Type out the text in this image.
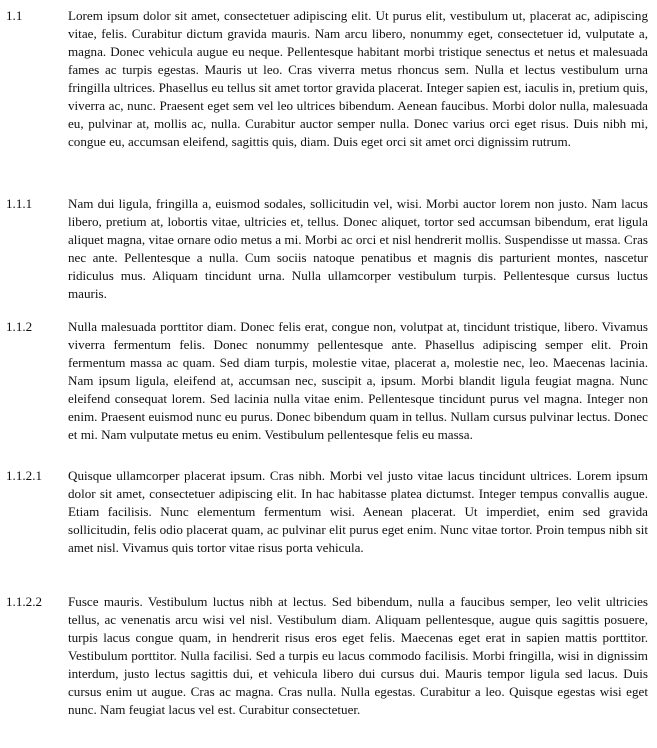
1.1	Lorem ipsum dolor sit amet, consectetuer adipiscing elit. Ut purus elit, vestibulum ut, placerat ac, adipiscing vitae, felis. Curabitur dictum gravida mauris. Nam arcu libero, nonummy eget, consectetuer id, vulputate a, magna. Donec vehicula augue eu neque. Pellentesque habitant morbi tristique senectus et netus et malesuada fames ac turpis egestas. Mauris ut leo. Cras viverra metus rhoncus sem. Nulla et lectus vestibulum urna fringilla ultrices. Phasellus eu tellus sit amet tortor gravida placerat. Integer sapien est, iaculis in, pretium quis, viverra ac, nunc. Praesent eget sem vel leo ultrices bibendum. Aenean faucibus. Morbi dolor nulla, malesuada eu, pulvinar at, mollis ac, nulla. Curabitur auctor semper nulla. Donec varius orci eget risus. Duis nibh mi, congue eu, accumsan eleifend, sagittis quis, diam. Duis eget orci sit amet orci dignissim rutrum.
1.1.1	Nam dui ligula, fringilla a, euismod sodales, sollicitudin vel, wisi. Morbi auctor lorem non justo. Nam lacus libero, pretium at, lobortis vitae, ultricies et, tellus. Donec aliquet, tortor sed accumsan bibendum, erat ligula aliquet magna, vitae ornare odio metus a mi. Morbi ac orci et nisl hendrerit mollis. Suspendisse ut massa. Cras nec ante. Pellentesque a nulla. Cum sociis natoque penatibus et magnis dis parturient montes, nascetur ridiculus mus. Aliquam tincidunt urna. Nulla ullamcorper vestibulum turpis. Pellentesque cursus luctus mauris.
1.1.2	Nulla malesuada porttitor diam. Donec felis erat, congue non, volutpat at, tincidunt tristique, libero. Vivamus viverra fermentum felis. Donec nonummy pellentesque ante. Phasellus adipiscing semper elit. Proin fermentum massa ac quam. Sed diam turpis, molestie vitae, placerat a, molestie nec, leo. Maecenas lacinia. Nam ipsum ligula, eleifend at, accumsan nec, suscipit a, ipsum. Morbi blandit ligula feugiat magna. Nunc eleifend consequat lorem. Sed lacinia nulla vitae enim. Pellentesque tincidunt purus vel magna. Integer non enim. Praesent euismod nunc eu purus. Donec bibendum quam in tellus. Nullam cursus pulvinar lectus. Donec et mi. Nam vulputate metus eu enim. Vestibulum pellentesque felis eu massa.
1.1.2.1 Quisque ullamcorper placerat ipsum. Cras nibh. Morbi vel justo vitae lacus tincidunt ultrices. Lorem ipsum dolor sit amet, consectetuer adipiscing elit. In hac habitasse platea dictumst. Integer tempus convallis augue. Etiam facilisis. Nunc elementum fermentum wisi. Aenean placerat. Ut imperdiet, enim sed gravida sollicitudin, felis odio placerat quam, ac pulvinar elit purus eget enim. Nunc vitae tortor. Proin tempus nibh sit amet nisl. Vivamus quis tortor vitae risus porta vehicula.
1.1.2.2 Fusce mauris. Vestibulum luctus nibh at lectus. Sed bibendum, nulla a faucibus semper, leo velit ultricies tellus, ac venenatis arcu wisi vel nisl. Vestibulum diam. Aliquam pellentesque, augue quis sagittis posuere, turpis lacus congue quam, in hendrerit risus eros eget felis. Maecenas eget erat in sapien mattis porttitor. Vestibulum porttitor. Nulla facilisi. Sed a turpis eu lacus commodo facilisis. Morbi fringilla, wisi in dignissim interdum, justo lectus sagittis dui, et vehicula libero dui cursus dui. Mauris tempor ligula sed lacus. Duis cursus enim ut augue. Cras ac magna. Cras nulla. Nulla egestas. Curabitur a leo. Quisque egestas wisi eget nunc. Nam feugiat lacus vel est. Curabitur consectetuer.
